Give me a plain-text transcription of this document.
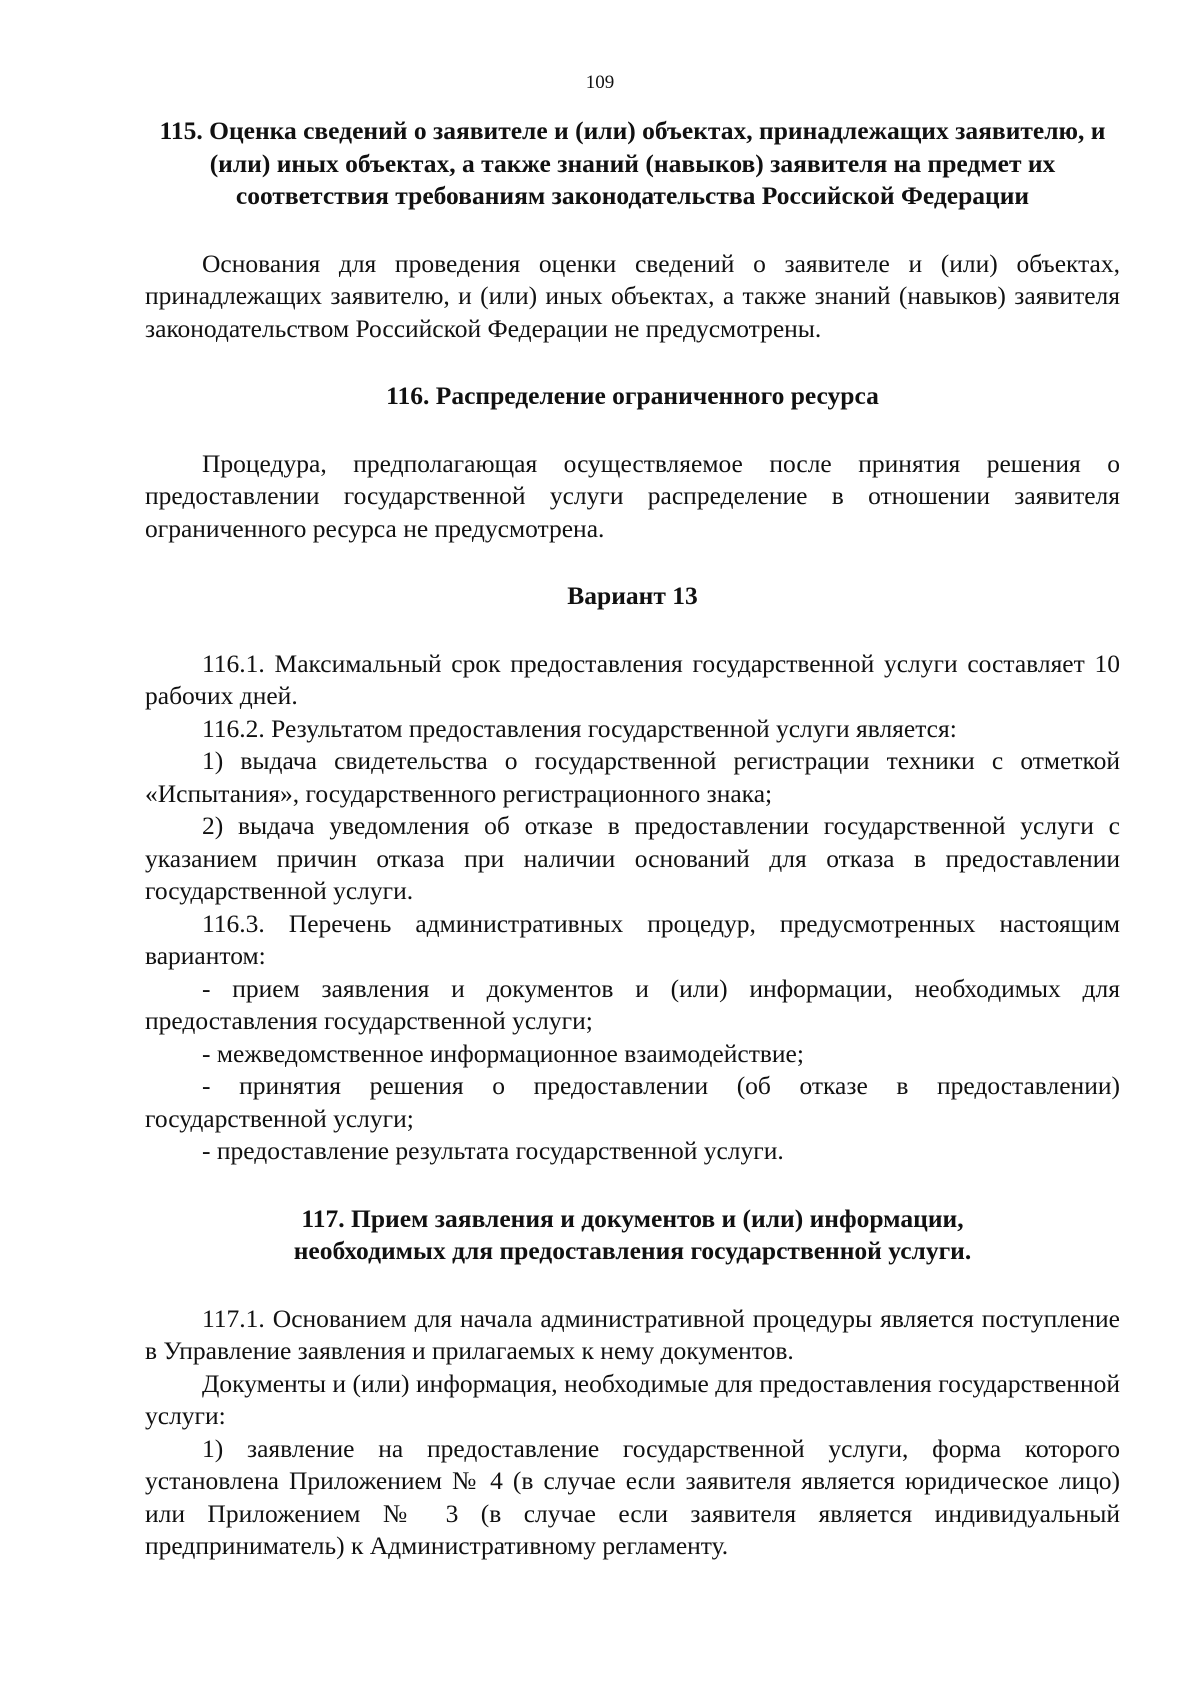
109

115. Оценка сведений о заявителе и (или) объектах, принадлежащих заявителю, и (или) иных объектах, а также знаний (навыков) заявителя на предмет их соответствия требованиям законодательства Российской Федерации

Основания для проведения оценки сведений о заявителе и (или) объектах, принадлежащих заявителю, и (или) иных объектах, а также знаний (навыков) заявителя законодательством Российской Федерации не предусмотрены.

116. Распределение ограниченного ресурса

Процедура, предполагающая осуществляемое после принятия решения о предоставлении государственной услуги распределение в отношении заявителя ограниченного ресурса не предусмотрена.

Вариант 13

116.1. Максимальный срок предоставления государственной услуги составляет 10 рабочих дней.

116.2. Результатом предоставления государственной услуги является:

1) выдача свидетельства о государственной регистрации техники с отметкой «Испытания», государственного регистрационного знака;

2) выдача уведомления об отказе в предоставлении государственной услуги с указанием причин отказа при наличии оснований для отказа в предоставлении государственной услуги.

116.3. Перечень административных процедур, предусмотренных настоящим вариантом:

- прием заявления и документов и (или) информации, необходимых для предоставления государственной услуги;

- межведомственное информационное взаимодействие;

- принятия решения о предоставлении (об отказе в предоставлении) государственной услуги;

- предоставление результата государственной услуги.

117. Прием заявления и документов и (или) информации,

необходимых для предоставления государственной услуги.

117.1. Основанием для начала административной процедуры является поступление в Управление заявления и прилагаемых к нему документов.

Документы и (или) информация, необходимые для предоставления государственной услуги:

1) заявление на предоставление государственной услуги, форма которого установлена Приложением № 4 (в случае если заявителя является юридическое лицо) или Приложением № 3 (в случае если заявителя является индивидуальный предприниматель) к Административному регламенту.
